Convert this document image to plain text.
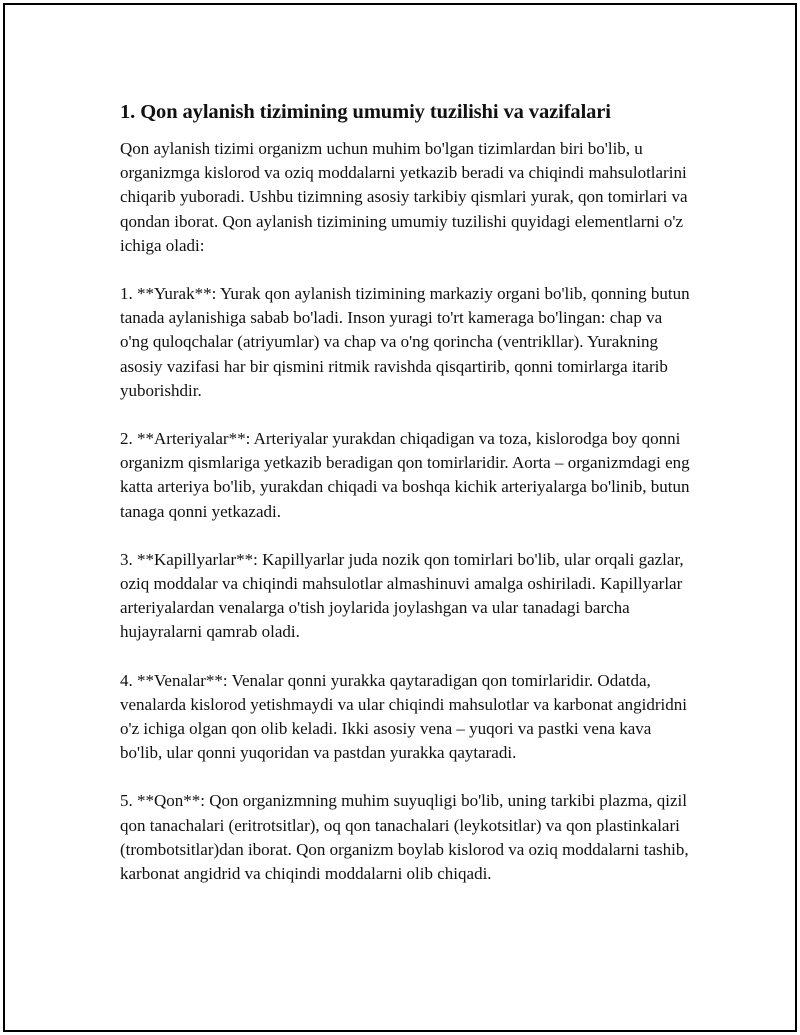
1. Qon aylanish tizimining umumiy tuzilishi va vazifalari

Qon aylanish tizimi organizm uchun muhim bo'lgan tizimlardan biri bo'lib, u organizmga kislorod va oziq moddalarni yetkazib beradi va chiqindi mahsulotlarini chiqarib yuboradi. Ushbu tizimning asosiy tarkibiy qismlari yurak, qon tomirlari va qondan iborat. Qon aylanish tizimining umumiy tuzilishi quyidagi elementlarni o'z ichiga oladi:

1. **Yurak**: Yurak qon aylanish tizimining markaziy organi bo'lib, qonning butun tanada aylanishiga sabab bo'ladi. Inson yuragi to'rt kameraga bo'lingan: chap va o'ng quloqchalar (atriyumlar) va chap va o'ng qorincha (ventrikllar). Yurakning asosiy vazifasi har bir qismini ritmik ravishda qisqartirib, qonni tomirlarga itarib yuborishdir.

2. **Arteriyalar**: Arteriyalar yurakdan chiqadigan va toza, kislorodga boy qonni organizm qismlariga yetkazib beradigan qon tomirlaridir. Aorta – organizmdagi eng katta arteriya bo'lib, yurakdan chiqadi va boshqa kichik arteriyalarga bo'linib, butun tanaga qonni yetkazadi.

3. **Kapillyarlar**: Kapillyarlar juda nozik qon tomirlari bo'lib, ular orqali gazlar, oziq moddalar va chiqindi mahsulotlar almashinuvi amalga oshiriladi. Kapillyarlar arteriyalardan venalarga o'tish joylarida joylashgan va ular tanadagi barcha hujayralarni qamrab oladi.

4. **Venalar**: Venalar qonni yurakka qaytaradigan qon tomirlaridir. Odatda, venalarda kislorod yetishmaydi va ular chiqindi mahsulotlar va karbonat angidridni o'z ichiga olgan qon olib keladi. Ikki asosiy vena – yuqori va pastki vena kava bo'lib, ular qonni yuqoridan va pastdan yurakka qaytaradi.

5. **Qon**: Qon organizmning muhim suyuqligi bo'lib, uning tarkibi plazma, qizil qon tanachalari (eritrotsitlar), oq qon tanachalari (leykotsitlar) va qon plastinkalari (trombotsitlar)dan iborat. Qon organizm boylab kislorod va oziq moddalarni tashib, karbonat angidrid va chiqindi moddalarni olib chiqadi.
